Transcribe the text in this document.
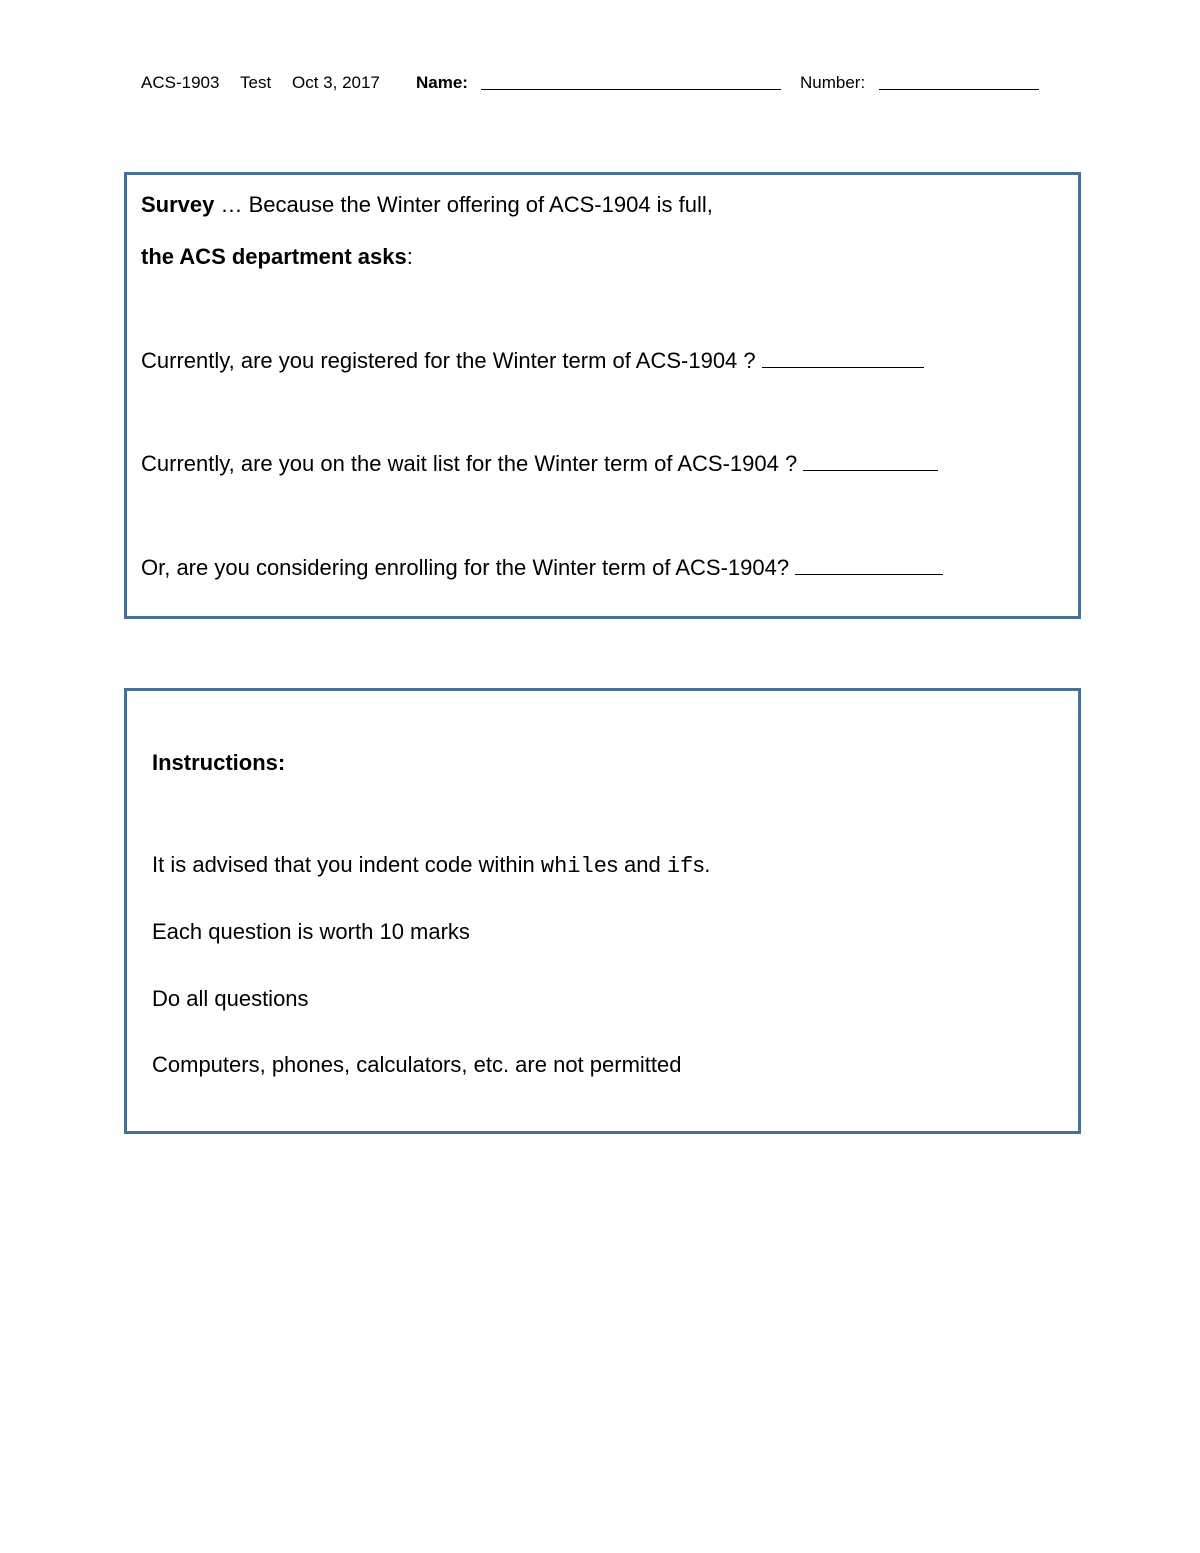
ACS-1903 Test Oct 3, 2017 Name:	Number:
Survey … Because the Winter offering of ACS-1904 is full,
the ACS department asks:
Currently, are you registered for the Winter term of ACS-1904 ?
Currently, are you on the wait list for the Winter term of ACS-1904 ?
Or, are you considering enrolling for the Winter term of ACS-1904?
Instructions:
It is advised that you indent code within whiles and ifs.
Each question is worth 10 marks
Do all questions
Computers, phones, calculators, etc. are not permitted
